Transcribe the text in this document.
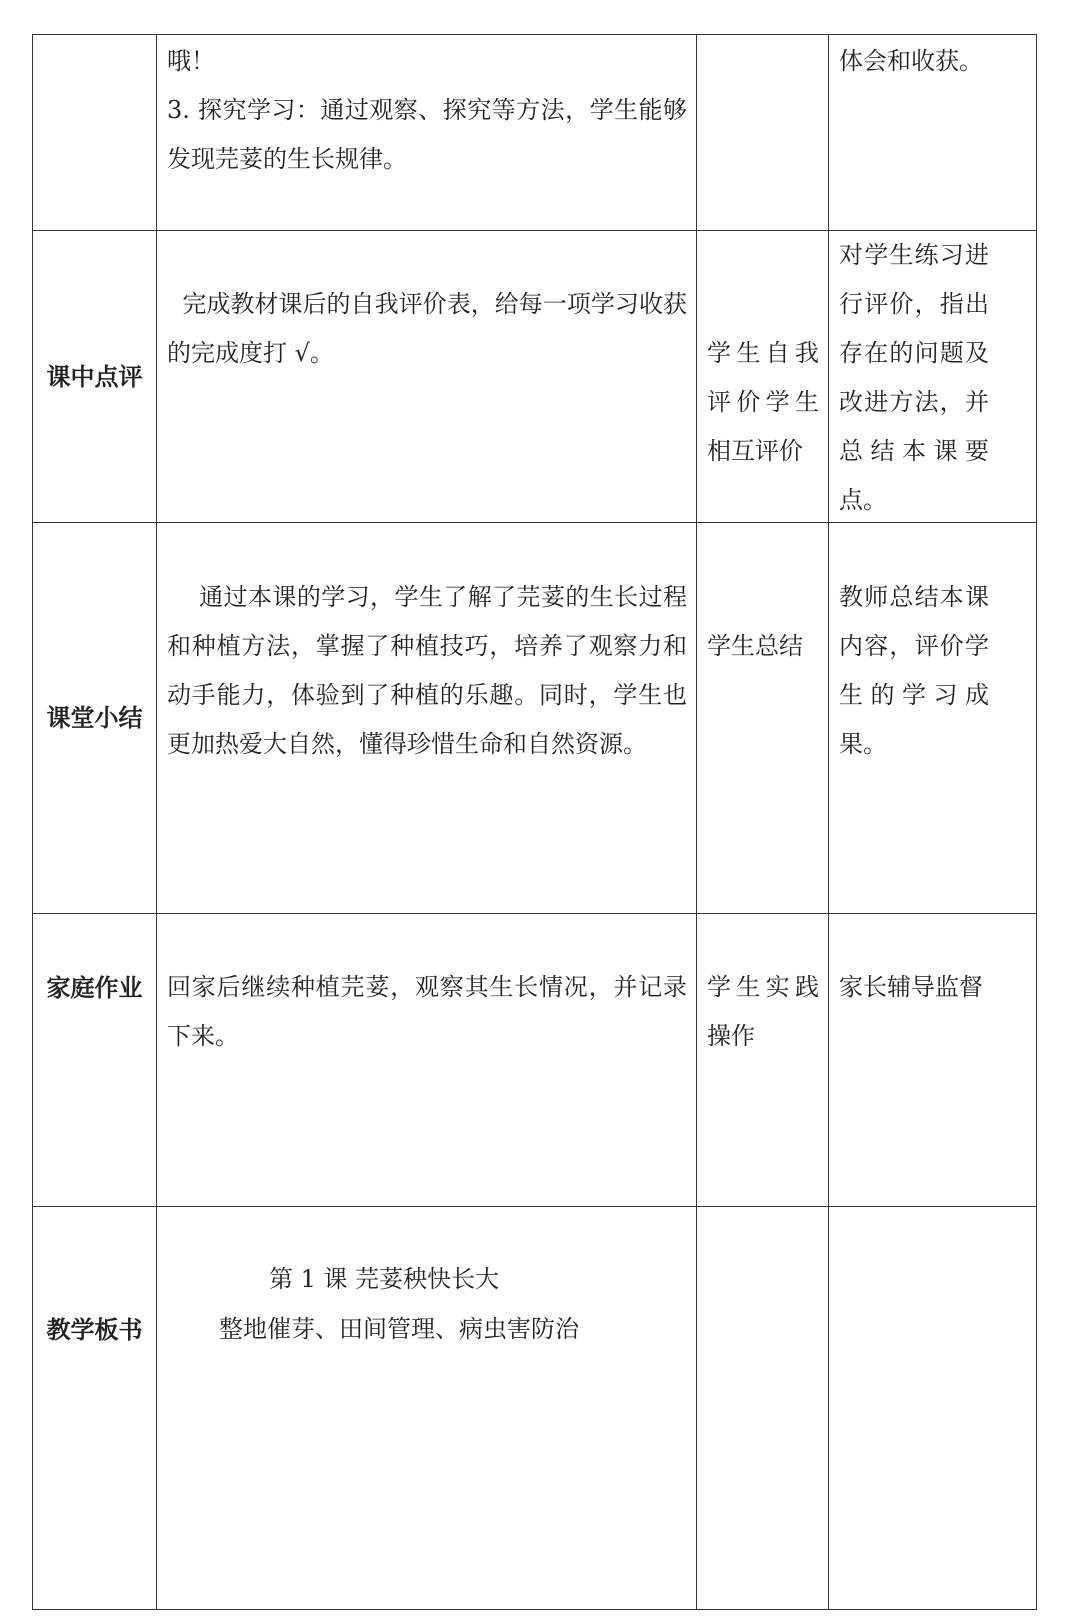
哦！
3. 探究学习：通过观察、探究等方法，学生能够发现芫荽的生长规律。
体会和收获。
课中点评
完成教材课后的自我评价表，给每一项学习收获的完成度打 √。	学生自我评价学生相互评价
对学生练习进行评价，指出存在的问题及改进方法，并总结本课要点。
课堂小结
通过本课的学习，学生了解了芫荽的生长过程和种植方法，掌握了种植技巧，培养了观察力和动手能力，体验到了种植的乐趣。同时，学生也更加热爱大自然，懂得珍惜生命和自然资源。
学生总结
教师总结本课内容，评价学生的学习成果。
家庭作业	回家后继续种植芫荽，观察其生长情况，并记录下来。
学生实践操作
家长辅导监督
教学板书
第 1 课 芫荽秧快长大
整地催芽、田间管理、病虫害防治
